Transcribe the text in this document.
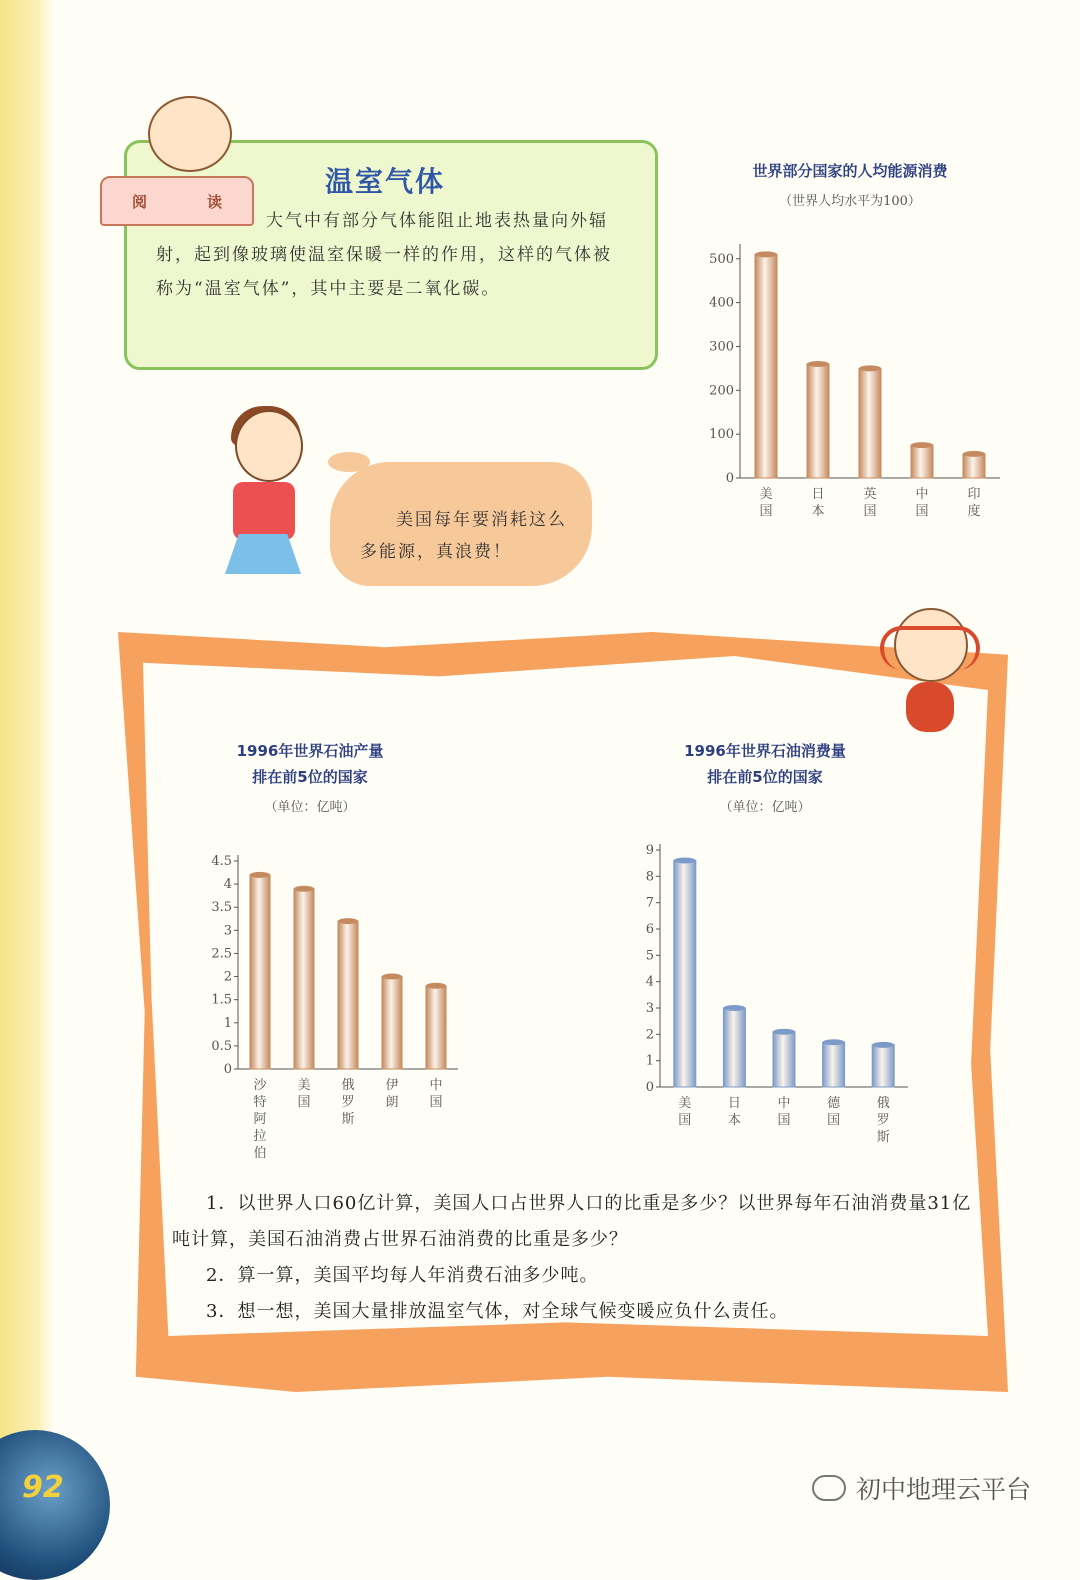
阅	读
温室气体
大气中有部分气体能阻止地表热量向外辐射，起到像玻璃使温室保暖一样的作用，这样的气体被称为“温室气体”，其中主要是二氧化碳。
美国每年要消耗这么多能源，真浪费！
世界部分国家的人均能源消费
（世界人均水平为100）
0
100
200
300
400
500
美国
日本
英国
中国
印度
1996年世界石油产量
排在前5位的国家
（单位：亿吨）
0
0.5
1
1.5
2
2.5
3
3.5
4
4.5
沙特阿拉伯
美国
俄罗斯
伊朗
中国
1996年世界石油消费量
排在前5位的国家
（单位：亿吨）
0
1
2
3
4
5
6
7
8
9
美国
日本
中国
德国
俄罗斯

1．以世界人口60亿计算，美国人口占世界人口的比重是多少？以世界每年石油消费量31亿吨计算，美国石油消费占世界石油消费的比重是多少？

2．算一算，美国平均每人年消费石油多少吨。

3．想一想，美国大量排放温室气体，对全球气候变暖应负什么责任。

92	初中地理云平台
